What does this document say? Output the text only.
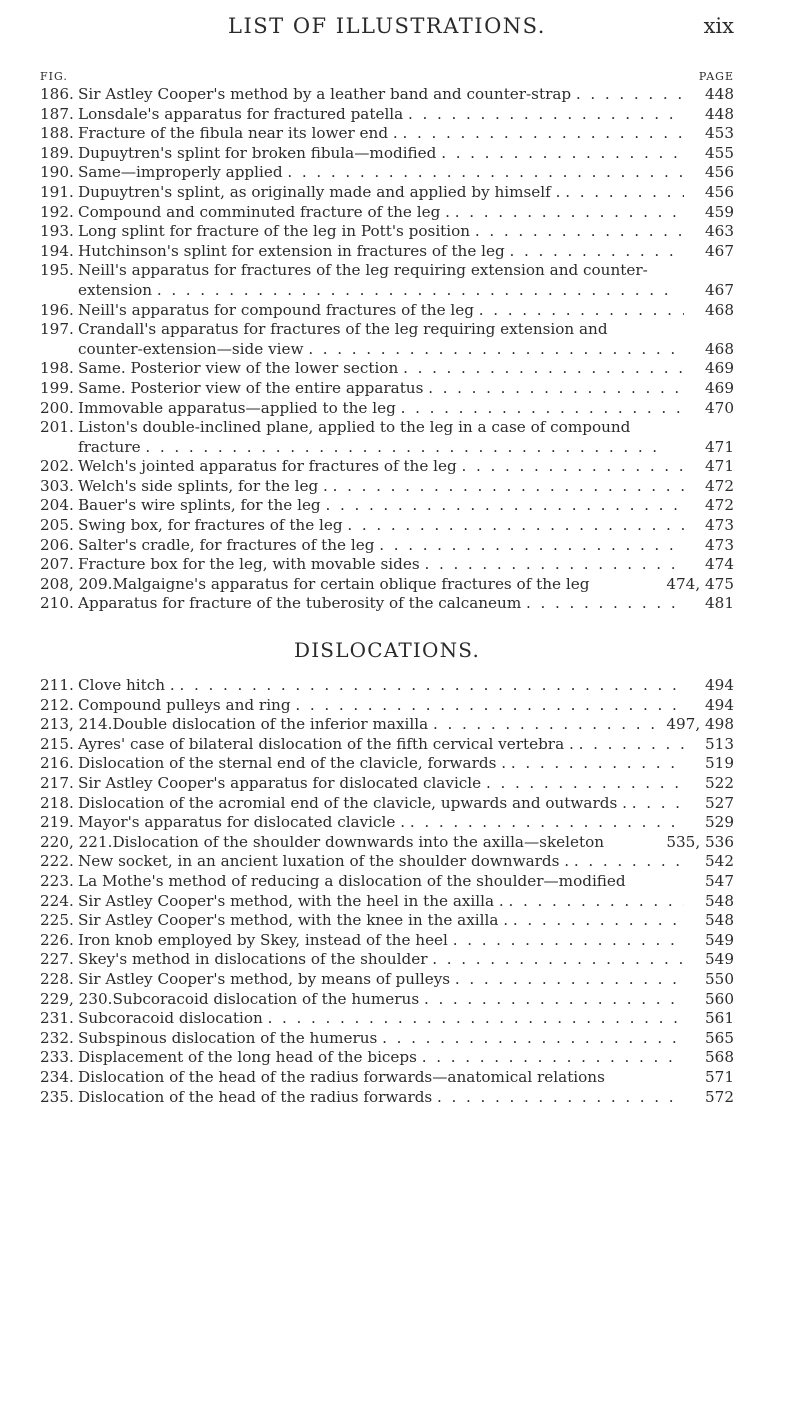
LIST OF ILLUSTRATIONS.	xix
FIG.	PAGE
186. Sir Astley Cooper's method by a leather band and counter-strap . .	448
187. Lonsdale's apparatus for fractured patella . .	448
188. Fracture of the fibula near its lower end . . .	453
189. Dupuytren's splint for broken fibula—modified . .	455
190. Same—improperly applied . .	456
191. Dupuytren's splint, as originally made and applied by himself . . .	456
192. Compound and comminuted fracture of the leg . . .	459
193. Long splint for fracture of the leg in Pott's position . .	463
194. Hutchinson's splint for extension in fractures of the leg . .	467
195. Neill's apparatus for fractures of the leg requiring extension and counter-
extension . .	467
196. Neill's apparatus for compound fractures of the leg . .	468
197. Crandall's apparatus for fractures of the leg requiring extension and
counter-extension—side view . .	468
198. Same. Posterior view of the lower section . .	469
199. Same. Posterior view of the entire apparatus . .	469
200. Immovable apparatus—applied to the leg . .	470
201. Liston's double-inclined plane, applied to the leg in a case of compound
fracture . .	471
202. Welch's jointed apparatus for fractures of the leg . .	471
303. Welch's side splints, for the leg . . .	472
204. Bauer's wire splints, for the leg . .	472
205. Swing box, for fractures of the leg . .	473
206. Salter's cradle, for fractures of the leg . .	473
207. Fracture box for the leg, with movable sides . .	474
208, 209. Malgaigne's apparatus for certain oblique fractures of the leg	474, 475
210. Apparatus for fracture of the tuberosity of the calcaneum . .	481
DISLOCATIONS.
211. Clove hitch . . .	494
212. Compound pulleys and ring . .	494
213, 214. Double dislocation of the inferior maxilla . .	497, 498
215. Ayres' case of bilateral dislocation of the fifth cervical vertebra . . .	513
216. Dislocation of the sternal end of the clavicle, forwards . . .	519
217. Sir Astley Cooper's apparatus for dislocated clavicle . .	522
218. Dislocation of the acromial end of the clavicle, upwards and outwards . . .	527
219. Mayor's apparatus for dislocated clavicle . . .	529
220, 221. Dislocation of the shoulder downwards into the axilla—skeleton	535, 536
222. New socket, in an ancient luxation of the shoulder downwards . . .	542
223. La Mothe's method of reducing a dislocation of the shoulder—modified	547
224. Sir Astley Cooper's method, with the heel in the axilla . . .	548
225. Sir Astley Cooper's method, with the knee in the axilla . . .	548
226. Iron knob employed by Skey, instead of the heel . .	549
227. Skey's method in dislocations of the shoulder . .	549
228. Sir Astley Cooper's method, by means of pulleys . .	550
229, 230. Subcoracoid dislocation of the humerus . .	560
231. Subcoracoid dislocation . .	561
232. Subspinous dislocation of the humerus . .	565
233. Displacement of the long head of the biceps . .	568
234. Dislocation of the head of the radius forwards—anatomical relations	571
235. Dislocation of the head of the radius forwards . .	572
